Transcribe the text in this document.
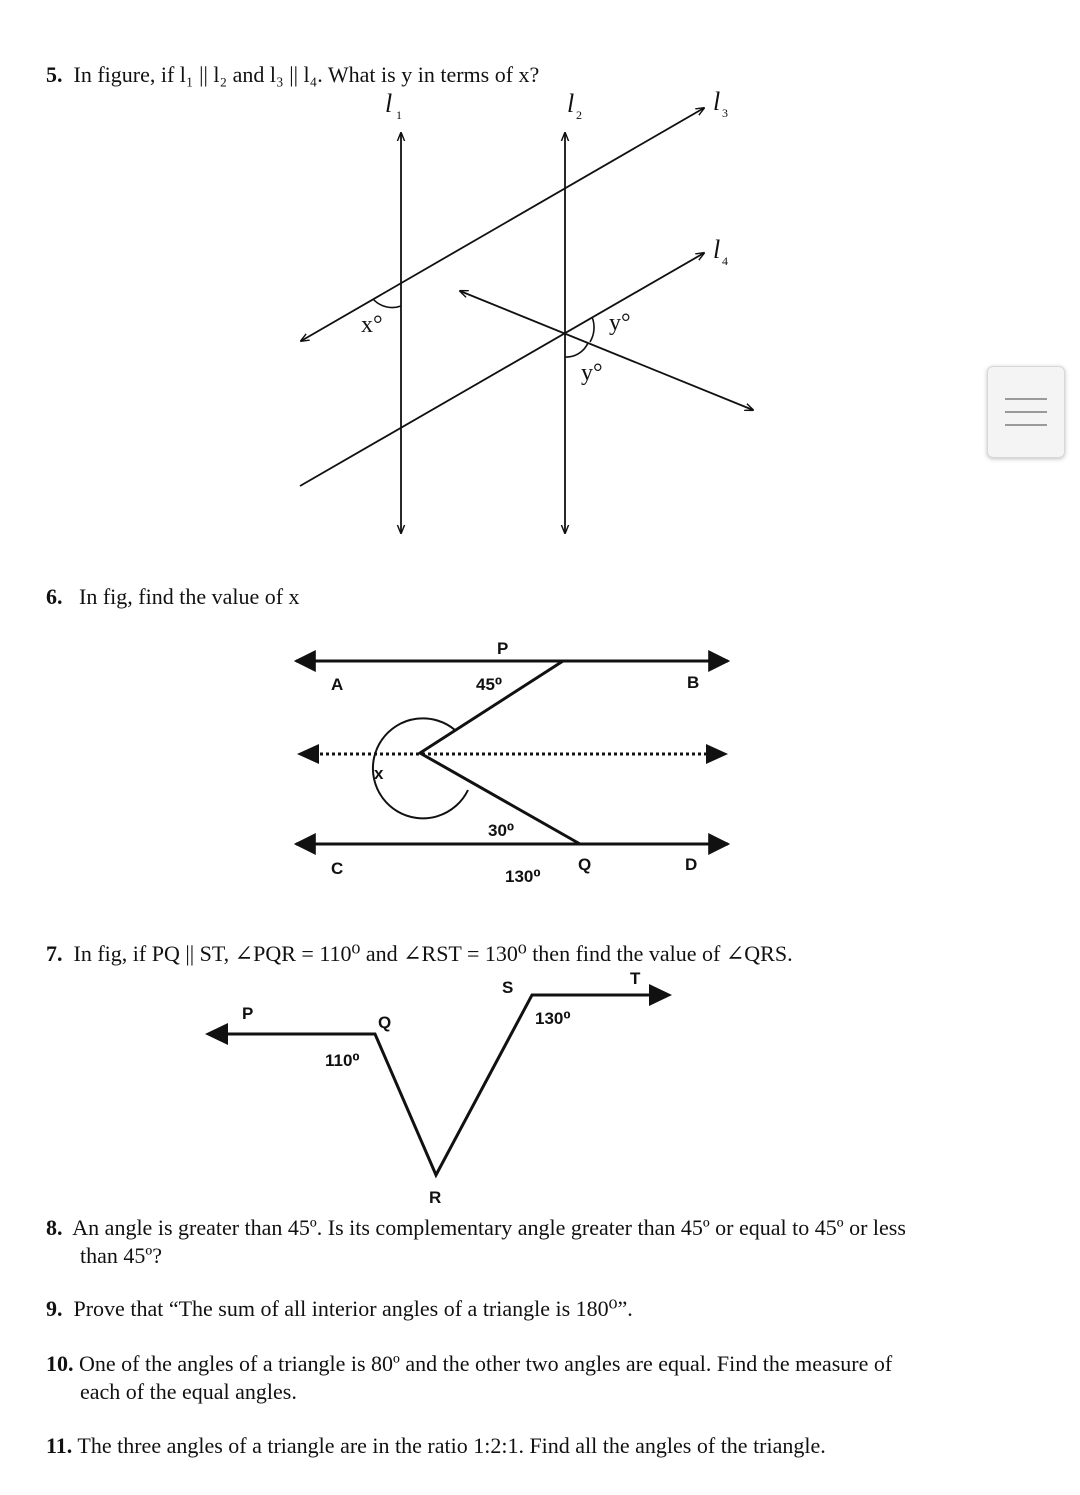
5. In figure, if l₁ || l₂ and l₃ || l₄. What is y in terms of x?
6. In fig, find the value of x
7. In fig, if PQ || ST, ∠PQR = 110⁰ and ∠RST = 130⁰ then find the value of ∠QRS.
8. An angle is greater than 45º. Is its complementary angle greater than 45º or equal to 45º or less
than 45º?
9. Prove that “The sum of all interior angles of a triangle is 180⁰”.
10. One of the angles of a triangle is 80º and the other two angles are equal. Find the measure of
each of the equal angles.
11. The three angles of a triangle are in the ratio 1:2:1. Find all the angles of the triangle.
l 1	l 2	l 3
l 4
x°	y°
y°
P
A	45⁰	B
x
30⁰
C	130⁰
Q	D
S	T
P	Q	130⁰
110⁰
R
